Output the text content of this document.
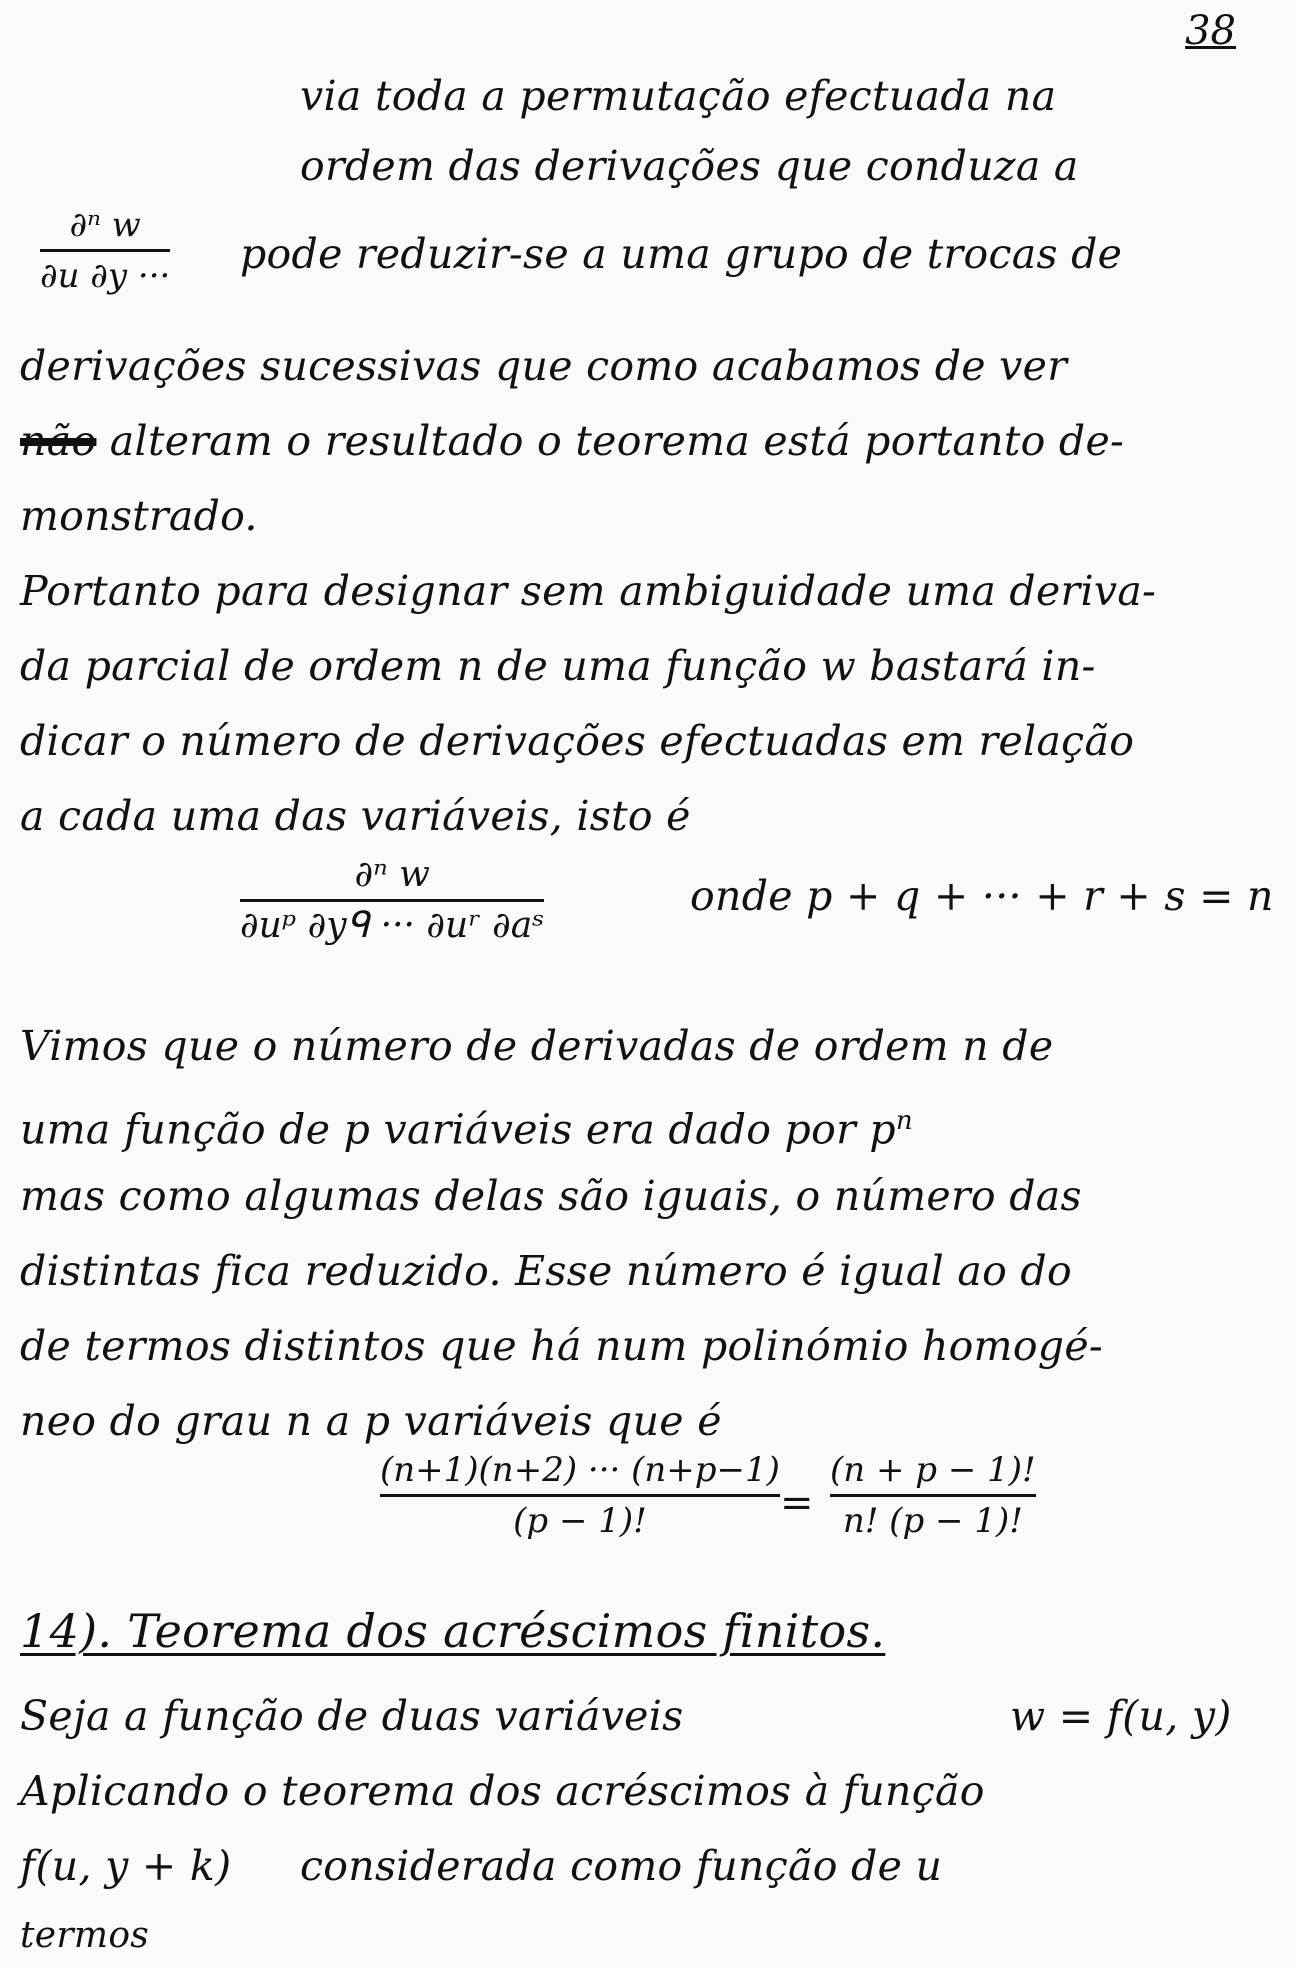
38
via toda a permutação efectuada na
ordem das derivações que conduza a
∂ⁿ w
∂u ∂y ··· pode reduzir-se a uma grupo de trocas de
derivações sucessivas que como acabamos de ver
não alteram o resultado o teorema está portanto de-
monstrado.
Portanto para designar sem ambiguidade uma deriva-
da parcial de ordem n de uma função w bastará in-
dicar o número de derivações efectuadas em relação
a cada uma das variáveis, isto é
∂ⁿ w
∂uᵖ ∂yᑫ ··· ∂uʳ ∂aˢ
onde p + q + ··· + r + s = n
Vimos que o número de derivadas de ordem n de
uma função de p variáveis era dado por $p^n$
mas como algumas delas são iguais, o número das
distintas fica reduzido. Esse número é igual ao do
de termos distintos que há num polinómio homogé-
neo do grau n a p variáveis que é
(n+1)(n+2) ··· (n+p−1)
(p − 1)!	=
(n + p − 1)!
n! (p − 1)!
14). Teorema dos acréscimos finitos.
Seja a função de duas variáveis	w = f(u, y)
Aplicando o teorema dos acréscimos à função
f(u, y + k) considerada como função de u
termos
